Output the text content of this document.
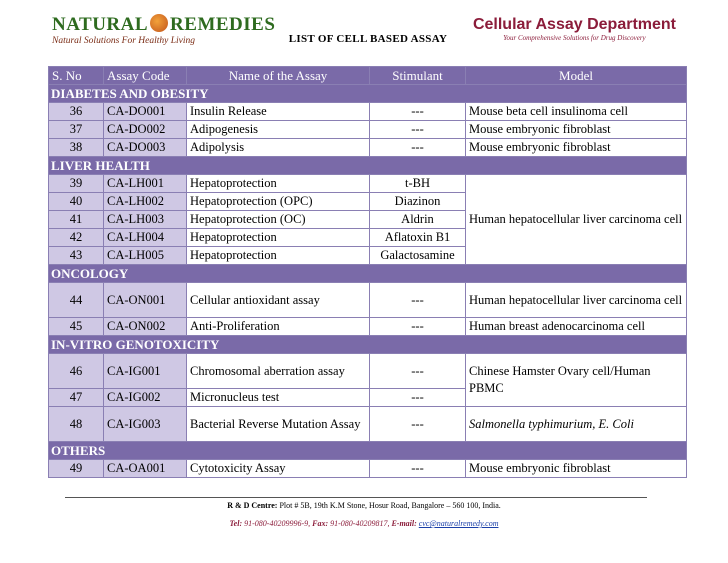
NATURAL REMEDIES
Natural Solutions For Healthy Living	LIST OF CELL BASED ASSAY
Cellular Assay Department
Your Comprehensive Solutions for Drug Discovery
S. No	Assay Code	Name of the Assay	Stimulant	Model
DIABETES AND OBESITY				
36	CA-DO001	Insulin Release	---	Mouse beta cell insulinoma cell
37	CA-DO002	Adipogenesis	---	Mouse embryonic fibroblast
38	CA-DO003	Adipolysis	---	Mouse embryonic fibroblast
LIVER HEALTH				
39	CA-LH001	Hepatoprotection	t-BH	Human hepatocellular liver carcinoma cell
40	CA-LH002	Hepatoprotection (OPC)	Diazinon	
41	CA-LH003	Hepatoprotection (OC)	Aldrin	
42	CA-LH004	Hepatoprotection	Aflatoxin B1	
43	CA-LH005	Hepatoprotection	Galactosamine	
ONCOLOGY				
44	CA-ON001	Cellular antioxidant assay	---	Human hepatocellular liver carcinoma cell
45	CA-ON002	Anti-Proliferation	---	Human breast adenocarcinoma cell
IN-VITRO GENOTOXICITY				
46	CA-IG001	Chromosomal aberration assay	---	Chinese Hamster Ovary cell/Human PBMC
47	CA-IG002	Micronucleus test	---	
48	CA-IG003	Bacterial Reverse Mutation Assay	---	Salmonella typhimurium, E. Coli
OTHERS				
49	CA-OA001	Cytotoxicity Assay	---	Mouse embryonic fibroblast
R & D Centre: Plot # 5B, 19th K.M Stone, Hosur Road, Bangalore – 560 100, India.
Tel: 91-080-40209996-9, Fax: 91-080-40209817, E-mail: cvc@naturalremedy.com
